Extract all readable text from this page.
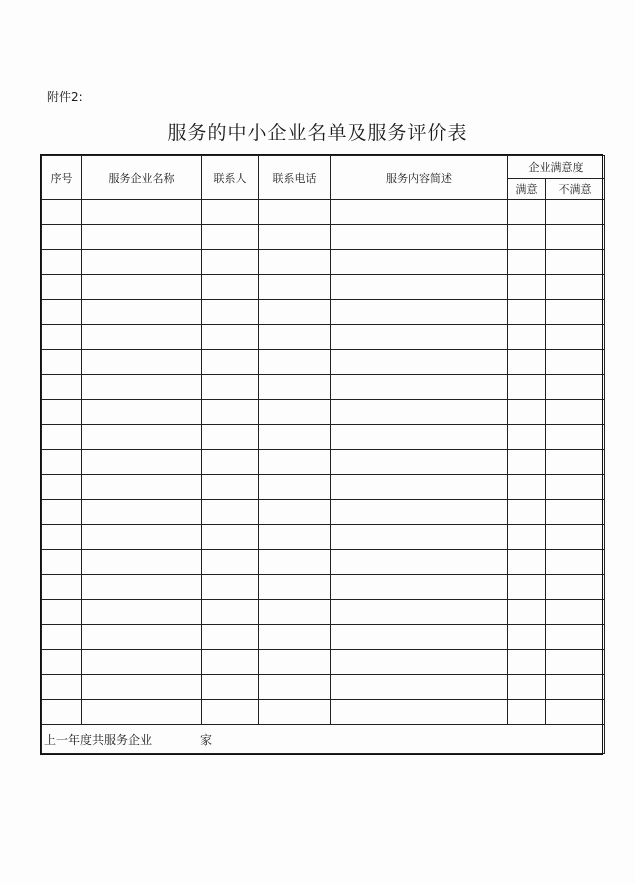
附件2:
服务的中小企业名单及服务评价表
序号	服务企业名称	联系人	联系电话	服务内容简述	企业满意度	
					满意	不满意

上一年度共服务企业 家						
